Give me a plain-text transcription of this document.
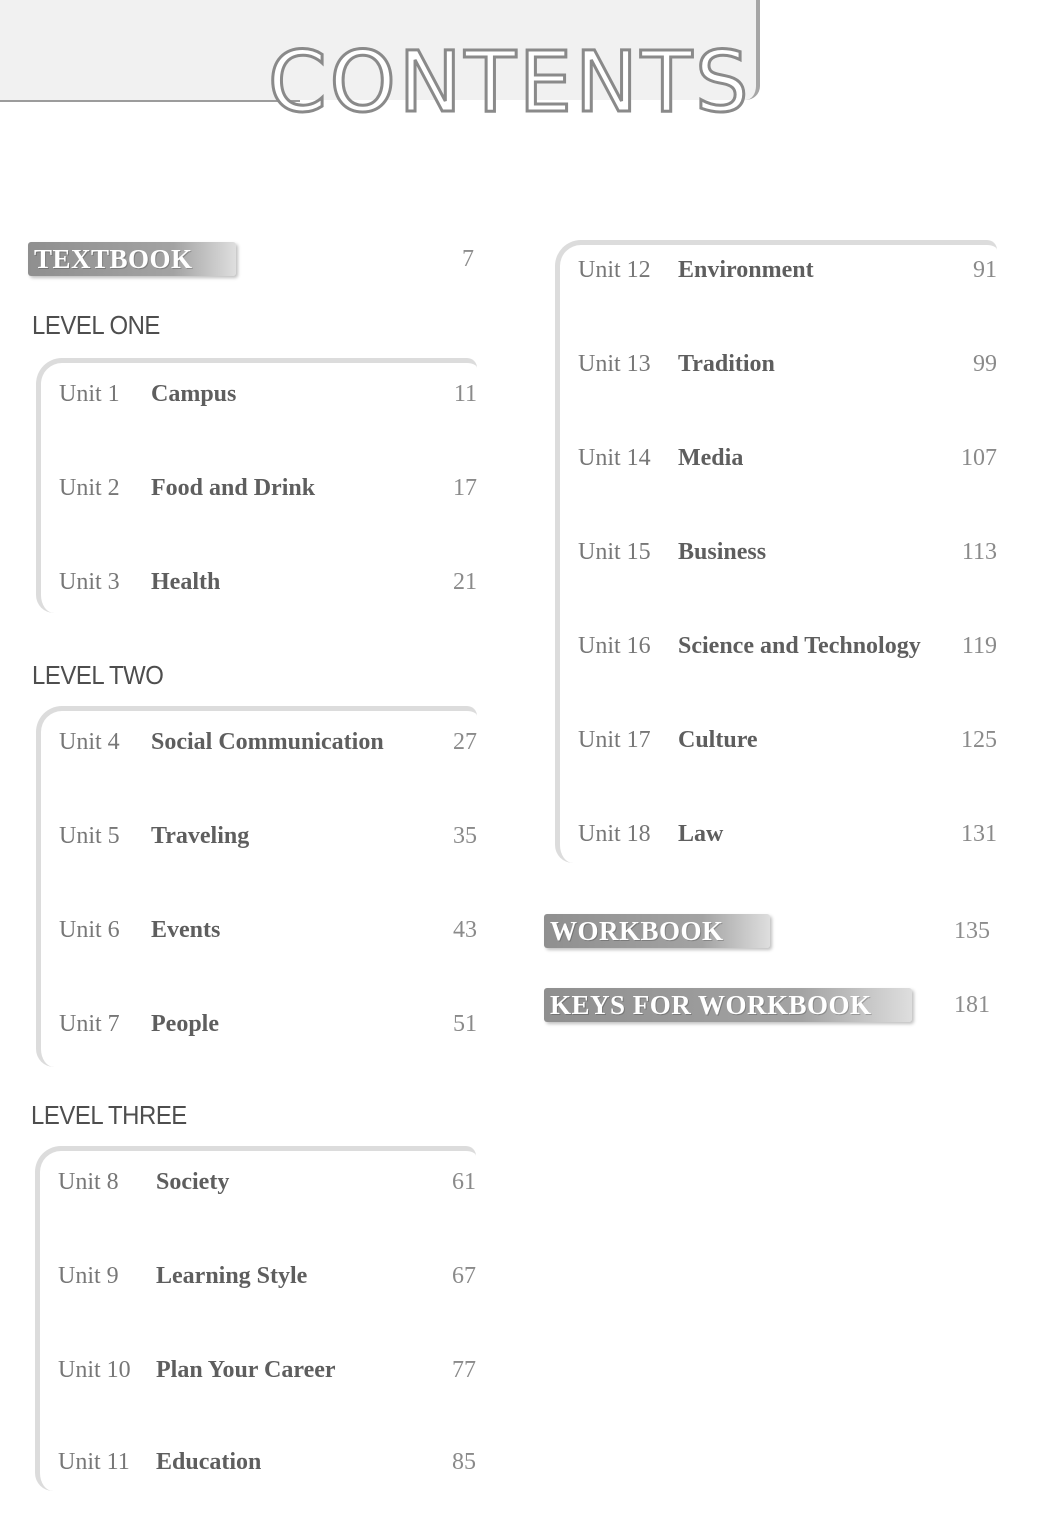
CONTENTS
TEXTBOOK	7
LEVEL ONE
Unit 1 Campus	11
Unit 2 Food and Drink	17
Unit 3 Health	21
LEVEL TWO
Unit 4 Social Communication	27
Unit 5 Traveling	35
Unit 6 Events	43
Unit 7 People	51
LEVEL THREE
Unit 8 Society	61
Unit 9 Learning Style	67
Unit 10 Plan Your Career	77
Unit 11 Education	85
Unit 12 Environment	91
Unit 13 Tradition	99
Unit 14 Media	107
Unit 15 Business	113
Unit 16 Science and Technology 119
Unit 17 Culture	125
Unit 18 Law	131
WORKBOOK	135
KEYS FOR WORKBOOK	181
